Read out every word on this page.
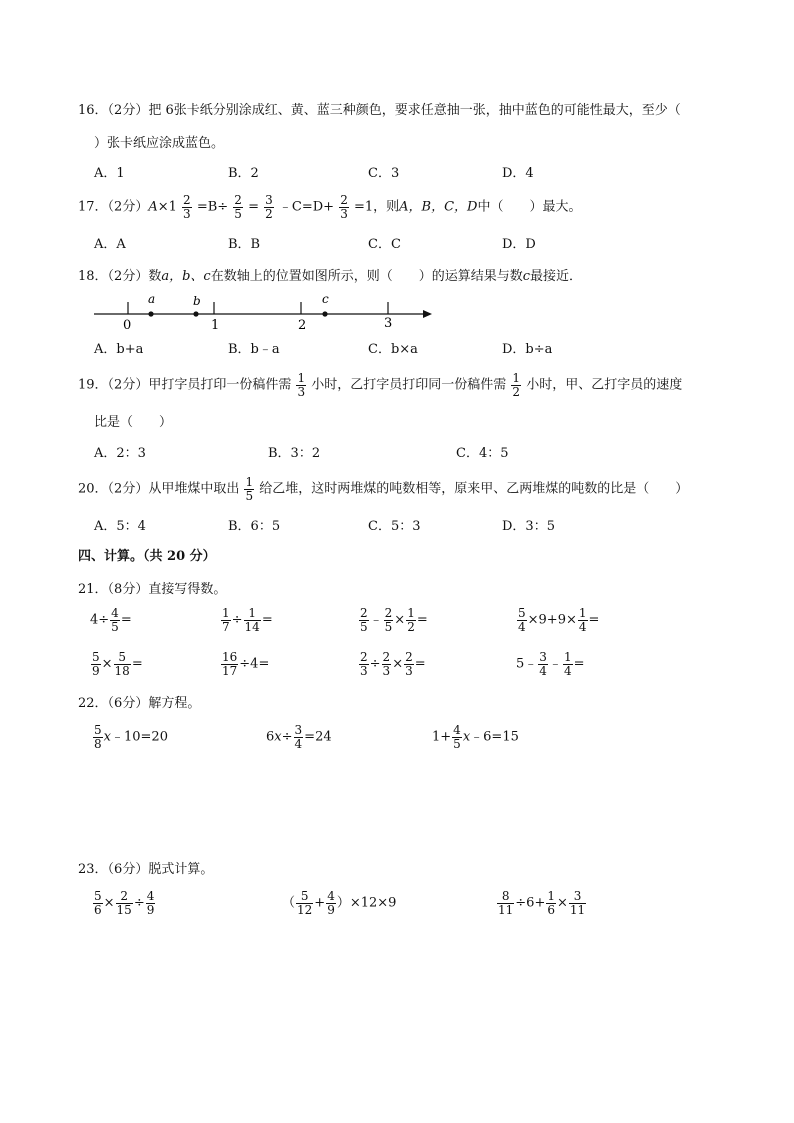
16．（2分）把 6张卡纸分别涂成红、黄、蓝三种颜色，要求任意抽一张，抽中蓝色的可能性最大，至少（
）张卡纸应涂成蓝色。
A．1	B．2	C．3	D．4
17．（2分）$A\times 1 \frac{2}{3} =B\div \frac{2}{5} = \frac{3}{2}$ ﹣C=D+ $\frac{2}{3} =1$，则A，B，C，D中（　　）最大。
A．A	B．B	C．C	D．D
18．（2分）数a，b、c在数轴上的位置如图所示，则（　　）的运算结果与数c最接近．
0	1	2	3
a	b	c
A．b+a	B．b﹣a	C．b×a	D．b÷a
19．（2分）甲打字员打印一份稿件需 $\frac{1}{3}$ 小时，乙打字员打印同一份稿件需 $\frac{1}{2}$ 小时，甲、乙打字员的速度
比是（　　）
A．2：3	B．3：2	C．4：5
20．（2分）从甲堆煤中取出 $\frac{1}{5}$ 给乙堆，这时两堆煤的吨数相等，原来甲、乙两堆煤的吨数的比是（　　）
A．5：4	B．6：5	C．5：3	D．3：5
四、计算。（共 20 分）
21．（8分）直接写得数。
$4\div \frac{4}{5}$ =	$\frac{1}{7} \div \frac{1}{14}$ =	$\frac{2}{5}$ ﹣ $\frac{2}{5} \times \frac{1}{2}$ =	$\frac{5}{4} \times 9+9\times \frac{1}{4}$ =
$\frac{5}{9} \times \frac{5}{18}$ =	$\frac{16}{17} \div 4=$	$\frac{2}{3} \div \frac{2}{3} \times \frac{2}{3}$ =	5﹣ $\frac{3}{4}$ ﹣ $\frac{1}{4}$ =
22．（6分）解方程。
$\frac{5}{8}$ x﹣10=20	$6x\div \frac{3}{4} =24$	$1+ \frac{4}{5}$ x﹣6=15
23．（6分）脱式计算。
$\frac{5}{6} \times \frac{2}{15} \div \frac{4}{9}$	（ $\frac{5}{12} + \frac{4}{9} )\times 12\times 9$	$\frac{8}{11} \div 6+ \frac{1}{6} \times \frac{3}{11}$
